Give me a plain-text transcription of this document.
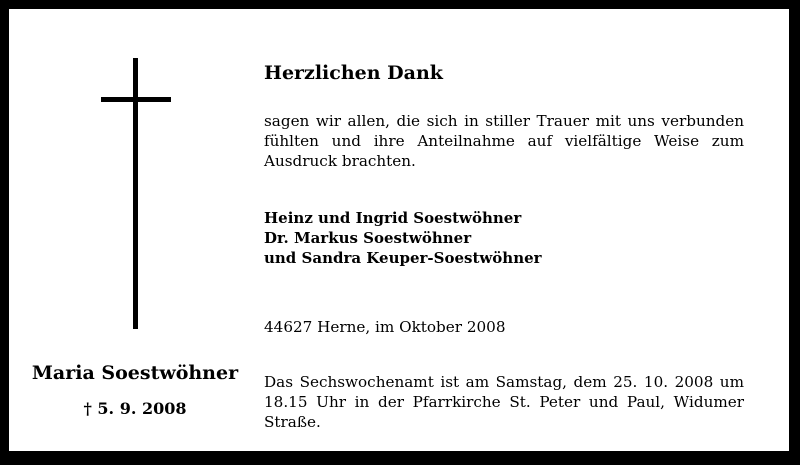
Maria Soestwöhner
† 5. 9. 2008
Herzlichen Dank
sagen wir allen, die sich in stiller Trauer mit uns verbunden fühlten und ihre Anteilnahme auf vielfältige Weise zum Ausdruck brachten.
Heinz und Ingrid Soestwöhner
Dr. Markus Soestwöhner
und Sandra Keuper-Soestwöhner
44627 Herne, im Oktober 2008
Das Sechswochenamt ist am Samstag, dem 25. 10. 2008 um 18.15 Uhr in der Pfarrkirche St. Peter und Paul, Widumer Straße.
